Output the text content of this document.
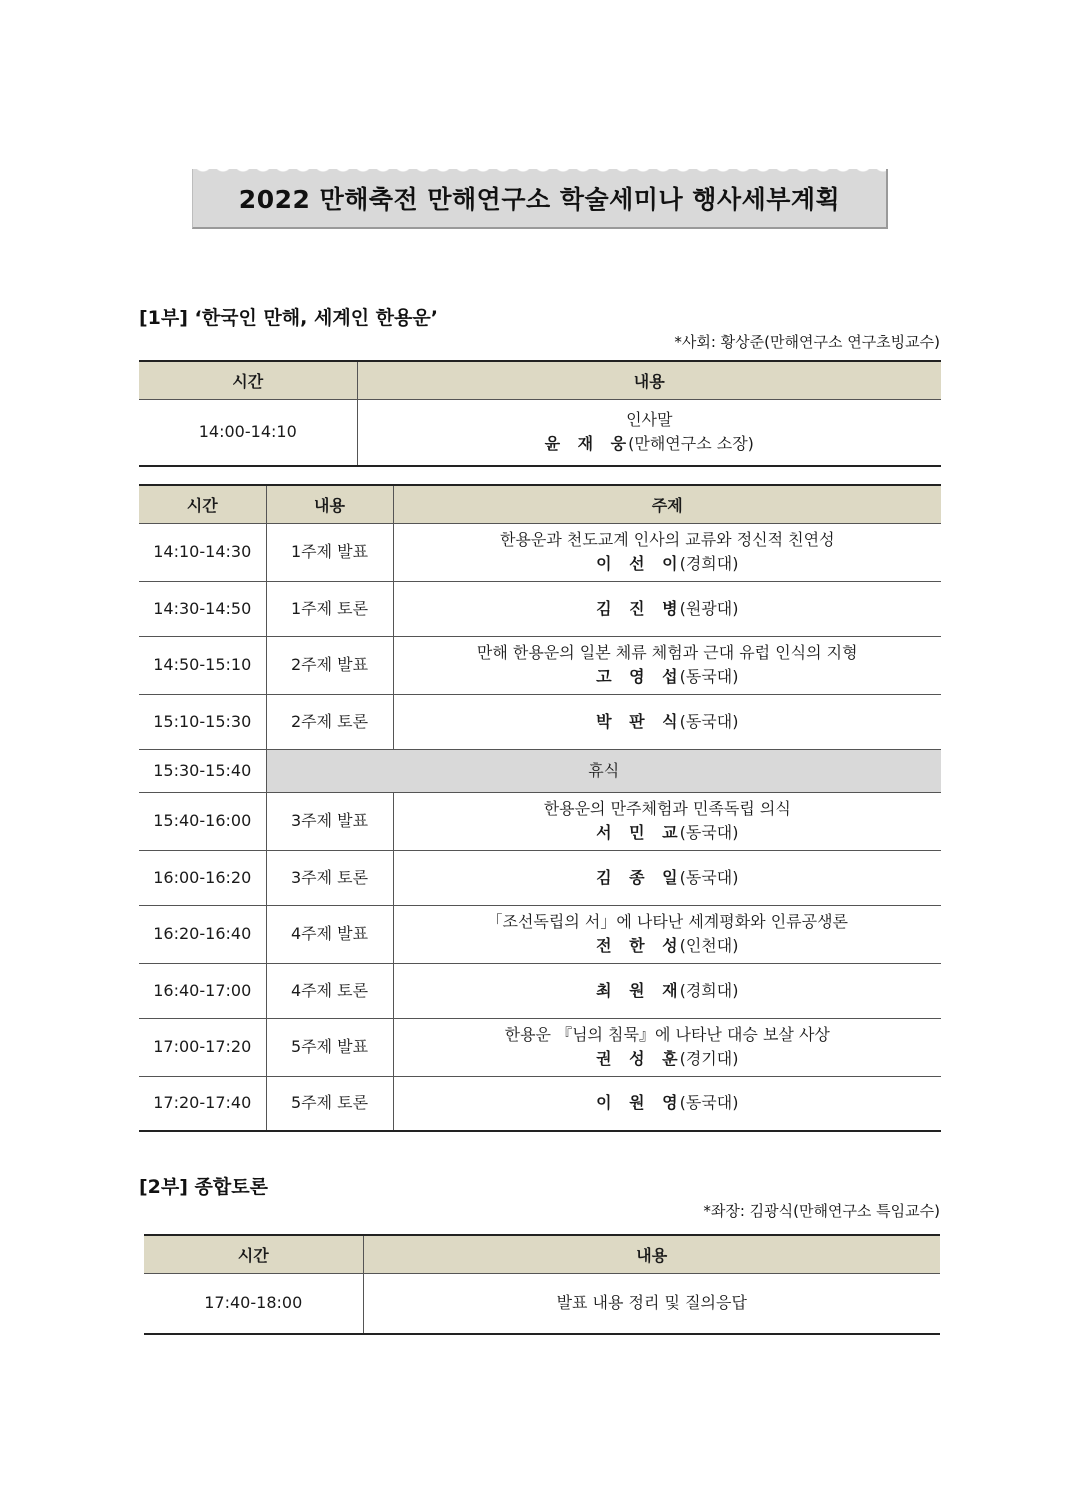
2022 만해축전 만해연구소 학술세미나 행사세부계획
[1부] ‘한국인 만해, 세계인 한용운’
*사회: 황상준(만해연구소 연구초빙교수)
시간	내용
14:00-14:10	인사말
윤 재 웅(만해연구소 소장)
시간	내용	주제
14:10-14:30	1주제 발표	한용운과 천도교계 인사의 교류와 정신적 친연성
이 선 이(경희대)

14:30-14:50	1주제 토론	김 진 병(원광대)

14:50-15:10	2주제 발표	만해 한용운의 일본 체류 체험과 근대 유럽 인식의 지형
고 영 섭(동국대)

15:10-15:30	2주제 토론	박 판 식(동국대)

15:30-15:40	휴식	
15:40-16:00	3주제 발표	한용운의 만주체험과 민족독립 의식
서 민 교(동국대)

16:00-16:20	3주제 토론	김 종 일(동국대)

16:20-16:40	4주제 발표	「조선독립의 서」에 나타난 세계평화와 인류공생론
전 한 성(인천대)

16:40-17:00	4주제 토론	최 원 재(경희대)

17:00-17:20	5주제 발표	한용운 『님의 침묵』에 나타난 대승 보살 사상
권 성 훈(경기대)

17:20-17:40	5주제 토론	이 원 영(동국대)
[2부] 종합토론
*좌장: 김광식(만해연구소 특임교수)
시간	내용
17:40-18:00	발표 내용 정리 및 질의응답
